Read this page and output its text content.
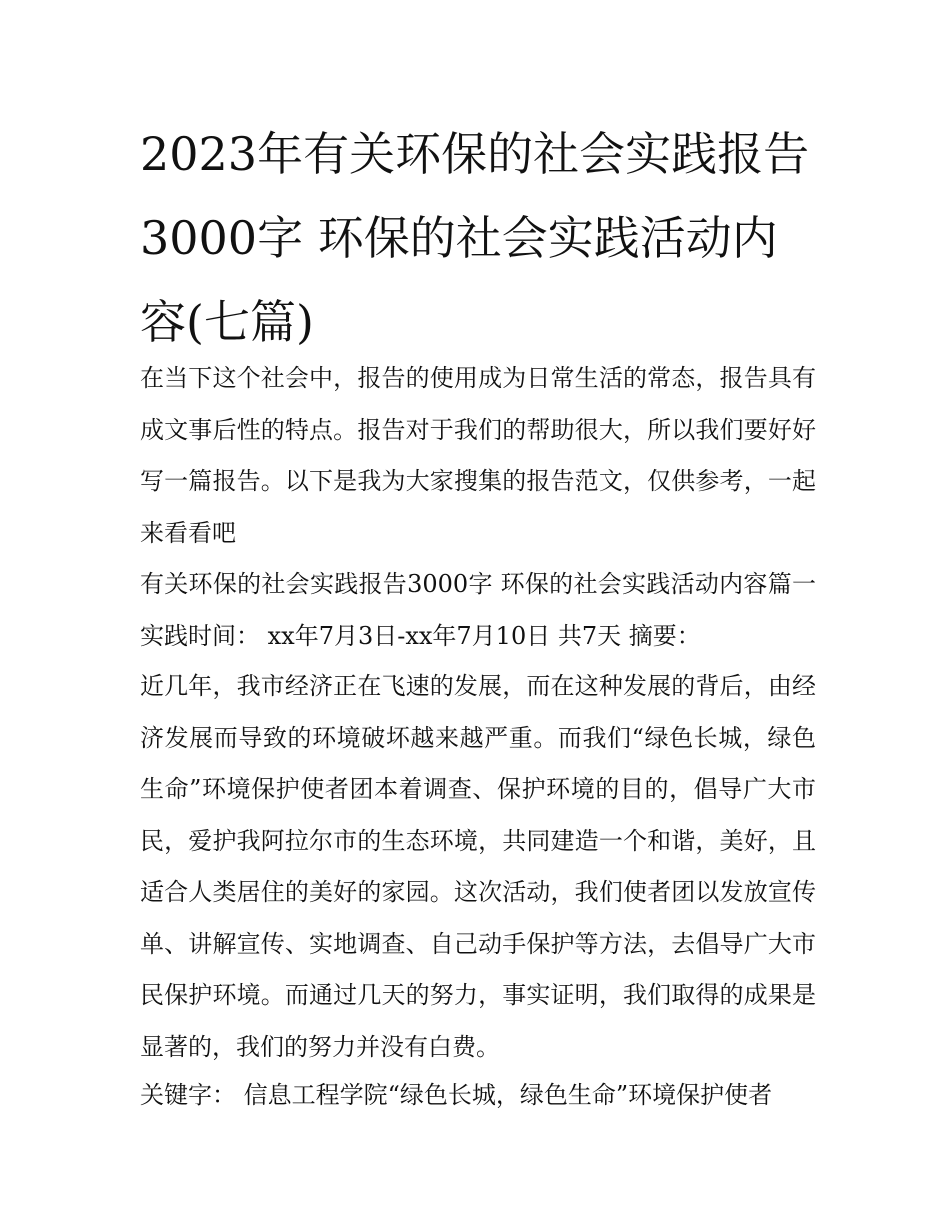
2023年有关环保的社会实践报告3000字 环保的社会实践活动内容(七篇)

在当下这个社会中，报告的使用成为日常生活的常态，报告具有成文事后性的特点。报告对于我们的帮助很大，所以我们要好好写一篇报告。以下是我为大家搜集的报告范文，仅供参考，一起来看看吧

有关环保的社会实践报告3000字 环保的社会实践活动内容篇一 实践时间： xx年7月3日-xx年7月10日 共7天 摘要：

近几年，我市经济正在飞速的发展，而在这种发展的背后，由经济发展而导致的环境破坏越来越严重。而我们“绿色长城，绿色生命”环境保护使者团本着调查、保护环境的目的，倡导广大市民，爱护我阿拉尔市的生态环境，共同建造一个和谐，美好，且适合人类居住的美好的家园。这次活动，我们使者团以发放宣传单、讲解宣传、实地调查、自己动手保护等方法，去倡导广大市民保护环境。而通过几天的努力，事实证明，我们取得的成果是显著的，我们的努力并没有白费。

关键字： 信息工程学院“绿色长城，绿色生命”环境保护使者
